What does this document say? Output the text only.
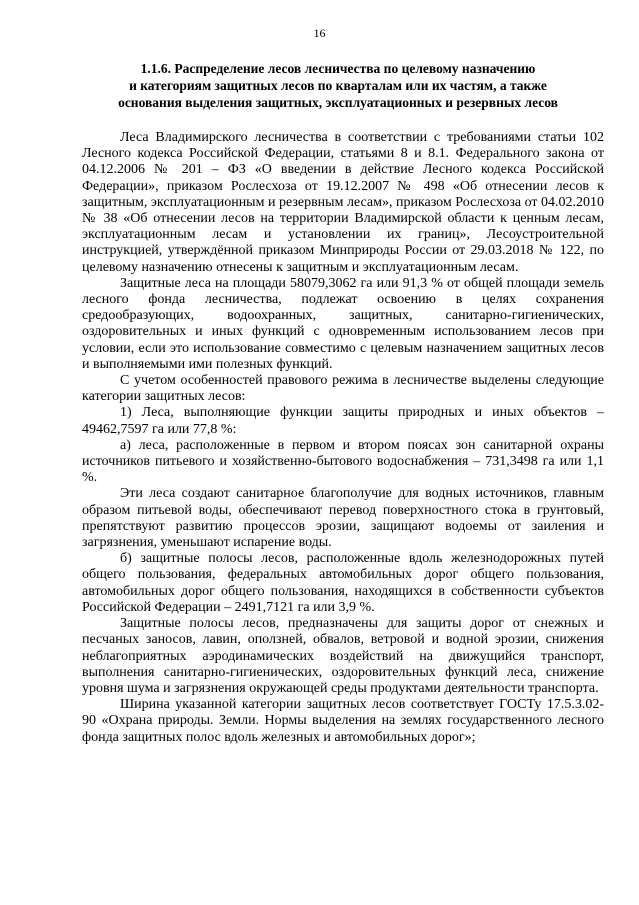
16
1.1.6. Распределение лесов лесничества по целевому назначению
и категориям защитных лесов по кварталам или их частям, а также
основания выделения защитных, эксплуатационных и резервных лесов

Леса Владимирского лесничества в соответствии с требованиями статьи 102 Лесного кодекса Российской Федерации, статьями 8 и 8.1. Федерального закона от 04.12.2006 № 201 – ФЗ «О введении в действие Лесного кодекса Российской Федерации», приказом Рослесхоза от 19.12.2007 № 498 «Об отнесении лесов к защитным, эксплуатационным и резервным лесам», приказом Рослесхоза от 04.02.2010 № 38 «Об отнесении лесов на территории Владимирской области к ценным лесам, эксплуатационным лесам и установлении их границ», Лесоустроительной инструкцией, утверждённой приказом Минприроды России от 29.03.2018 № 122, по целевому назначению отнесены к защитным и эксплуатационным лесам.

Защитные леса на площади 58079,3062 га или 91,3 % от общей площади земель лесного фонда лесничества, подлежат освоению в целях сохранения средообразующих, водоохранных, защитных, санитарно-гигиенических, оздоровительных и иных функций с одновременным использованием лесов при условии, если это использование совместимо с целевым назначением защитных лесов и выполняемыми ими полезных функций.

С учетом особенностей правового режима в лесничестве выделены следующие категории защитных лесов:

1) Леса, выполняющие функции защиты природных и иных объектов – 49462,7597 га или 77,8 %:

а) леса, расположенные в первом и втором поясах зон санитарной охраны источников питьевого и хозяйственно-бытового водоснабжения – 731,3498 га или 1,1 %.

Эти леса создают санитарное благополучие для водных источников, главным образом питьевой воды, обеспечивают перевод поверхностного стока в грунтовый, препятствуют развитию процессов эрозии, защищают водоемы от заиления и загрязнения, уменьшают испарение воды.

б) защитные полосы лесов, расположенные вдоль железнодорожных путей общего пользования, федеральных автомобильных дорог общего пользования, автомобильных дорог общего пользования, находящихся в собственности субъектов Российской Федерации – 2491,7121 га или 3,9 %.

Защитные полосы лесов, предназначены для защиты дорог от снежных и песчаных заносов, лавин, оползней, обвалов, ветровой и водной эрозии, снижения неблагоприятных аэродинамических воздействий на движущийся транспорт, выполнения санитарно-гигиенических, оздоровительных функций леса, снижение уровня шума и загрязнения окружающей среды продуктами деятельности транспорта.

Ширина указанной категории защитных лесов соответствует ГОСТу 17.5.3.02-90 «Охрана природы. Земли. Нормы выделения на землях государственного лесного фонда защитных полос вдоль железных и автомобильных дорог»;
